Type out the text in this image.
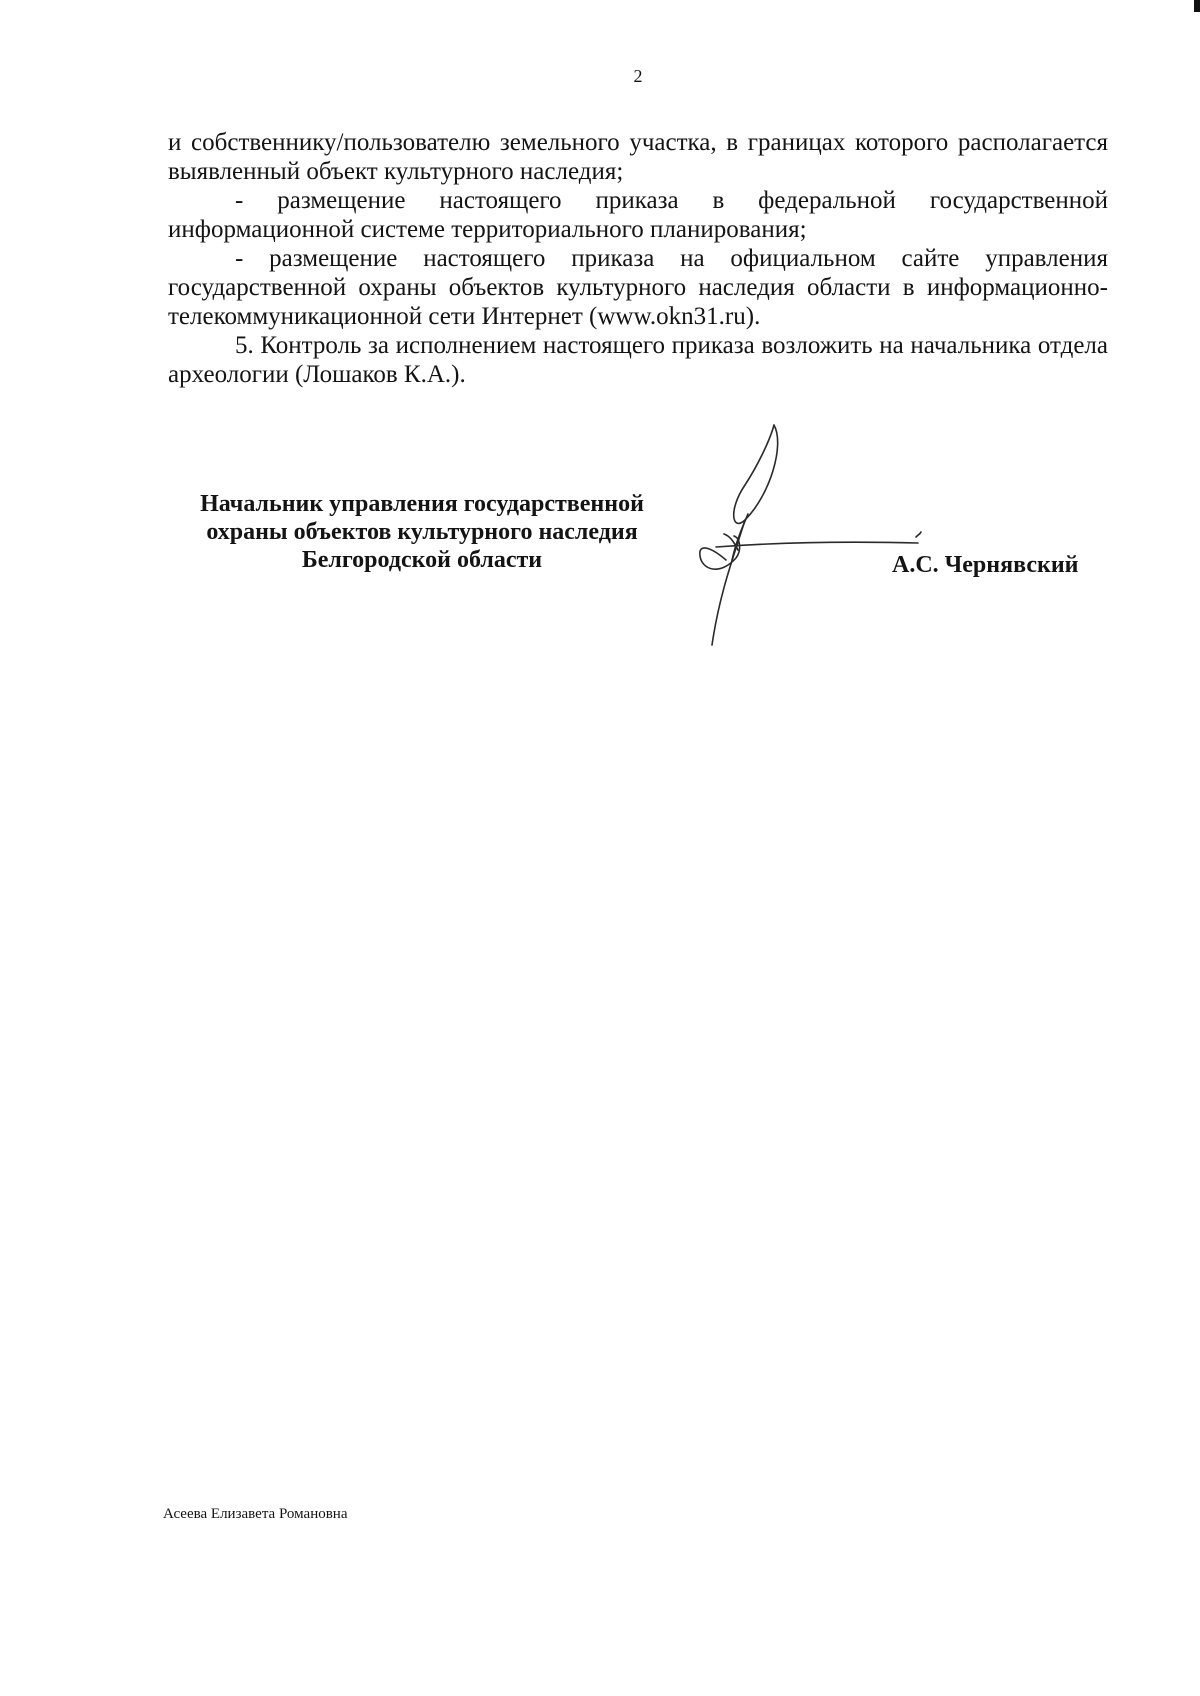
2

и собственнику/пользователю земельного участка, в границах которого располагается выявленный объект культурного наследия;

- размещение настоящего приказа в федеральной государственной информационной системе территориального планирования;

- размещение настоящего приказа на официальном сайте управления государственной охраны объектов культурного наследия области в информационно-телекоммуникационной сети Интернет (www.okn31.ru).

5. Контроль за исполнением настоящего приказа возложить на начальника отдела археологии (Лошаков К.А.).

Начальник управления государственной
охраны объектов культурного наследия
Белгородской области	А.С. Чернявский
Асеева Елизавета Романовна
